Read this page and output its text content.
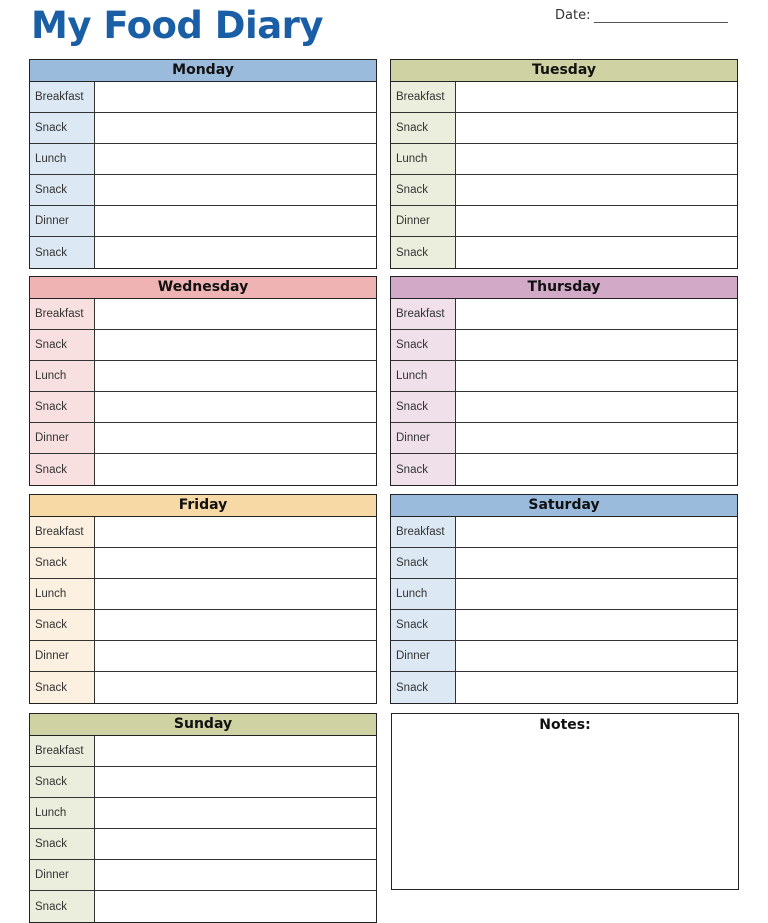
My Food Diary	Date:
Monday
Breakfast
Snack
Lunch
Snack
Dinner
Snack
Tuesday
Breakfast
Snack
Lunch
Snack
Dinner
Snack
Wednesday
Breakfast
Snack
Lunch
Snack
Dinner
Snack
Thursday
Breakfast
Snack
Lunch
Snack
Dinner
Snack
Friday
Breakfast
Snack
Lunch
Snack
Dinner
Snack
Saturday
Breakfast
Snack
Lunch
Snack
Dinner
Snack
Sunday
Breakfast
Snack
Lunch
Snack
Dinner
Snack
Notes:
